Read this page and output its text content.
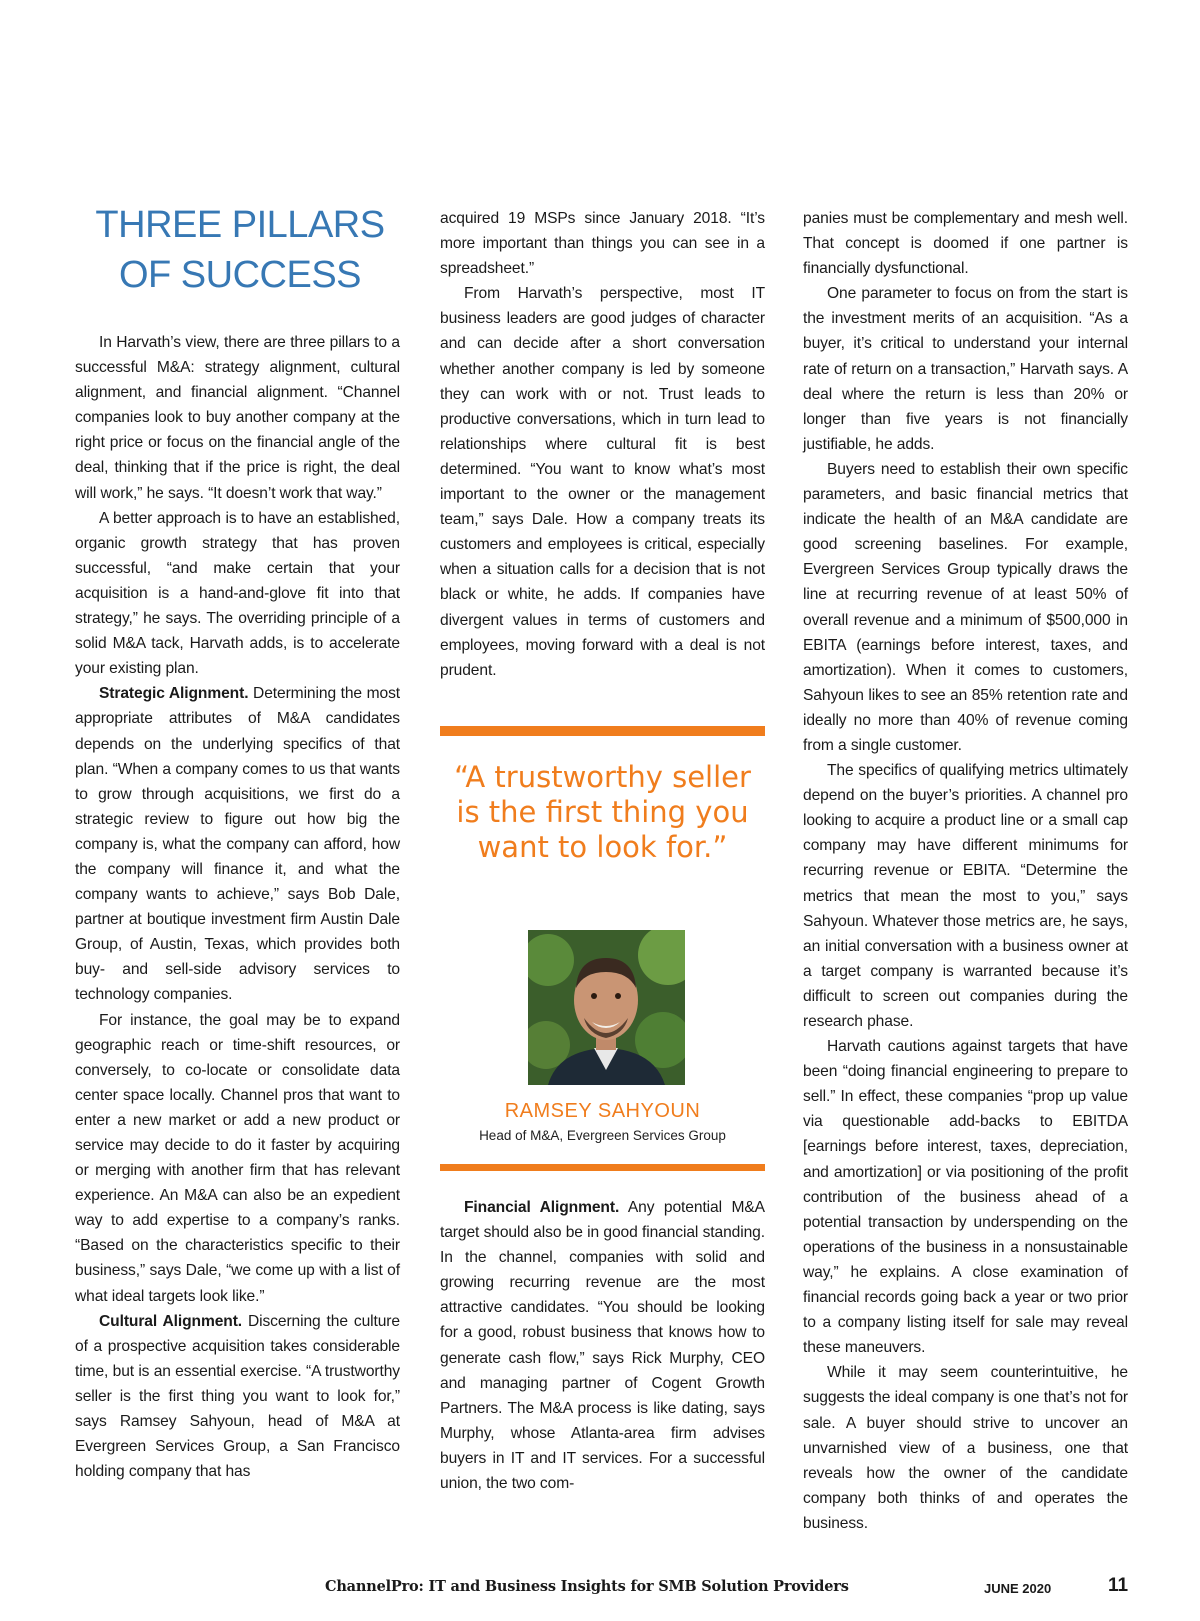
THREE PILLARS
OF SUCCESS

In Harvath’s view, there are three pillars to a successful M&A: strategy alignment, cultural alignment, and financial alignment. “Channel companies look to buy another company at the right price or focus on the financial angle of the deal, thinking that if the price is right, the deal will work,” he says. “It doesn’t work that way.”

A better approach is to have an established, organic growth strategy that has proven successful, “and make certain that your acquisition is a hand-and-glove fit into that strategy,” he says. The overriding principle of a solid M&A tack, Harvath adds, is to accelerate your existing plan.

Strategic Alignment. Determining the most appropriate attributes of M&A candidates depends on the underlying specifics of that plan. “When a company comes to us that wants to grow through acquisitions, we first do a strategic review to figure out how big the company is, what the company can afford, how the company will finance it, and what the company wants to achieve,” says Bob Dale, partner at boutique investment firm Austin Dale Group, of Austin, Texas, which provides both buy- and sell-side advisory services to technology companies.

For instance, the goal may be to expand geographic reach or time-shift resources, or conversely, to co-locate or consolidate data center space locally. Channel pros that want to enter a new market or add a new product or service may decide to do it faster by acquiring or merging with another firm that has relevant experience. An M&A can also be an expedient way to add expertise to a company’s ranks. “Based on the characteristics specific to their business,” says Dale, “we come up with a list of what ideal targets look like.”

Cultural Alignment. Discerning the culture of a prospective acquisition takes considerable time, but is an essential exercise. “A trustworthy seller is the first thing you want to look for,” says Ramsey Sahyoun, head of M&A at Evergreen Services Group, a San Francisco holding company that has

acquired 19 MSPs since January 2018. “It’s more important than things you can see in a spreadsheet.”

From Harvath’s perspective, most IT business leaders are good judges of character and can decide after a short conversation whether another company is led by someone they can work with or not. Trust leads to productive conversations, which in turn lead to relationships where cultural fit is best determined. “You want to know what’s most important to the owner or the management team,” says Dale. How a company treats its customers and employees is critical, especially when a situation calls for a decision that is not black or white, he adds. If companies have divergent values in terms of customers and employees, moving forward with a deal is not prudent.

“A trustworthy seller is the first thing you want to look for.”

RAMSEY SAHYOUN
Head of M&A, Evergreen Services Group

Financial Alignment. Any potential M&A target should also be in good financial standing. In the channel, companies with solid and growing recurring revenue are the most attractive candidates. “You should be looking for a good, robust business that knows how to generate cash flow,” says Rick Murphy, CEO and managing partner of Cogent Growth Partners. The M&A process is like dating, says Murphy, whose Atlanta-area firm advises buyers in IT and IT services. For a successful union, the two com-

panies must be complementary and mesh well. That concept is doomed if one partner is financially dysfunctional.

One parameter to focus on from the start is the investment merits of an acquisition. “As a buyer, it’s critical to understand your internal rate of return on a transaction,” Harvath says. A deal where the return is less than 20% or longer than five years is not financially justifiable, he adds.

Buyers need to establish their own specific parameters, and basic financial metrics that indicate the health of an M&A candidate are good screening baselines. For example, Evergreen Services Group typically draws the line at recurring revenue of at least 50% of overall revenue and a minimum of $500,000 in EBITA (earnings before interest, taxes, and amortization). When it comes to customers, Sahyoun likes to see an 85% retention rate and ideally no more than 40% of revenue coming from a single customer.

The specifics of qualifying metrics ultimately depend on the buyer’s priorities. A channel pro looking to acquire a product line or a small cap company may have different minimums for recurring revenue or EBITA. “Determine the metrics that mean the most to you,” says Sahyoun. Whatever those metrics are, he says, an initial conversation with a business owner at a target company is warranted because it’s difficult to screen out companies during the research phase.

Harvath cautions against targets that have been “doing financial engineering to prepare to sell.” In effect, these companies “prop up value via questionable add-backs to EBITDA [earnings before interest, taxes, depreciation, and amortization] or via positioning of the profit contribution of the business ahead of a potential transaction by underspending on the operations of the business in a nonsustainable way,” he explains. A close examination of financial records going back a year or two prior to a company listing itself for sale may reveal these maneuvers.

While it may seem counterintuitive, he suggests the ideal company is one that’s not for sale. A buyer should strive to uncover an unvarnished view of a business, one that reveals how the owner of the candidate company both thinks of and operates the business.

ChannelPro: IT and Business Insights for SMB Solution Providers	JUNE 2020	11
